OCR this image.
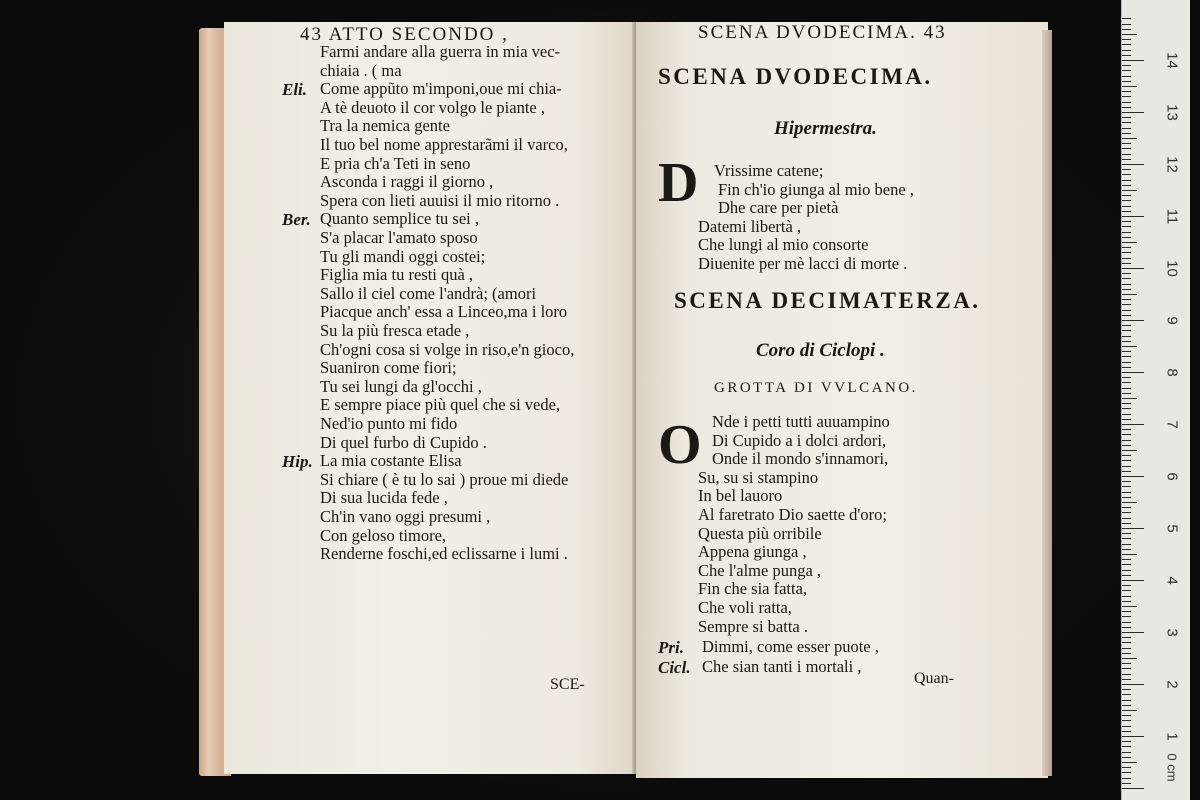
14
13
12
11
10
9
8
7
6
5
4
3
2
1
0 cm
43 ATTO SECONDO ,
Farmi andare alla guerra in mia vec-
chiaia . ( ma
Eli. Come appũto m'imponi,oue mi chia-
A tè deuoto il cor volgo le piante ,
Tra la nemica gente
Il tuo bel nome apprestarãmi il varco,
E pria ch'a Teti in seno
Asconda i raggi il giorno ,
Spera con lieti auuisi il mio ritorno .
Ber. Quanto semplice tu sei ,
S'a placar l'amato sposo
Tu gli mandi oggi costei;
Figlia mia tu resti quà ,
Sallo il ciel come l'andrà; (amori
Piacque anch' essa a Linceo,ma i loro
Su la più fresca etade ,
Ch'ogni cosa si volge in riso,e'n gioco,
Suaniron come fiori;
Tu sei lungi da gl'occhi ,
E sempre piace più quel che si vede,
Ned'io punto mi fido
Di quel furbo di Cupido .
Hip. La mia costante Elisa
Si chiare ( è tu lo sai ) proue mi diede
Di sua lucida fede ,
Ch'in vano oggi presumi ,
Con geloso timore,
Renderne foschi,ed eclissarne i lumi .
SCE-
SCENA DVODECIMA. 43
SCENA DVODECIMA.
Hipermestra.
D Vrissime catene;
Fin ch'io giunga al mio bene ,
Dhe care per pietà
Datemi libertà ,
Che lungi al mio consorte
Diuenite per mè lacci di morte .
SCENA DECIMATERZA.
Coro di Ciclopi .
GROTTA DI VVLCANO.
O Nde i petti tutti auuampino
Di Cupido a i dolci ardori,
Onde il mondo s'innamori,
Su, su si stampino
In bel lauoro
Al faretrato Dio saette d'oro;
Questa più orribile
Appena giunga ,
Che l'alme punga ,
Fin che sia fatta,
Che voli ratta,
Sempre si batta .
Pri. Dimmi, come esser puote ,
Cicl. Che sian tanti i mortali ,
Quan-
